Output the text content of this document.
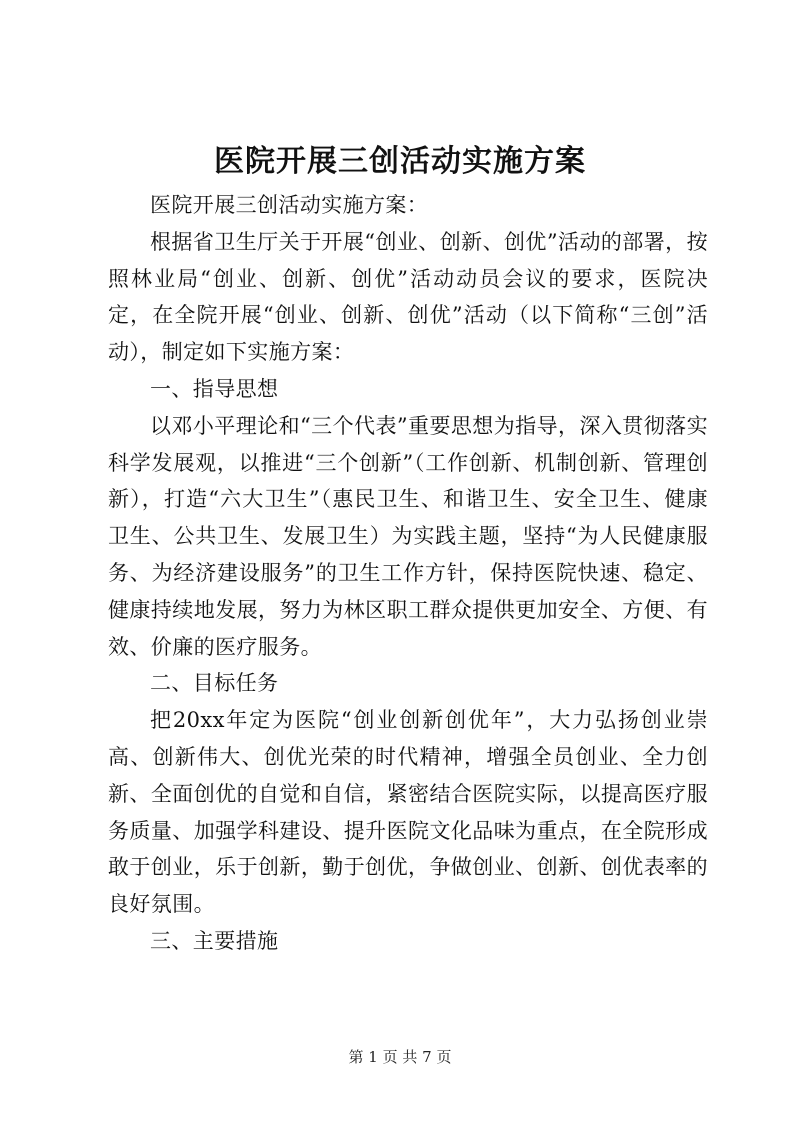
医院开展三创活动实施方案

医院开展三创活动实施方案：

根据省卫生厅关于开展“创业、创新、创优”活动的部署，按照林业局“创业、创新、创优”活动动员会议的要求，医院决定，在全院开展“创业、创新、创优”活动（以下简称“三创”活动），制定如下实施方案：

一、指导思想

以邓小平理论和“三个代表”重要思想为指导，深入贯彻落实科学发展观，以推进“三个创新”（工作创新、机制创新、管理创新），打造“六大卫生”（惠民卫生、和谐卫生、安全卫生、健康卫生、公共卫生、发展卫生）为实践主题，坚持“为人民健康服务、为经济建设服务”的卫生工作方针，保持医院快速、稳定、健康持续地发展，努力为林区职工群众提供更加安全、方便、有效、价廉的医疗服务。

二、目标任务

把20xx年定为医院“创业创新创优年”，大力弘扬创业崇高、创新伟大、创优光荣的时代精神，增强全员创业、全力创新、全面创优的自觉和自信，紧密结合医院实际，以提高医疗服务质量、加强学科建设、提升医院文化品味为重点，在全院形成敢于创业，乐于创新，勤于创优，争做创业、创新、创优表率的良好氛围。

三、主要措施

第 1 页 共 7 页
